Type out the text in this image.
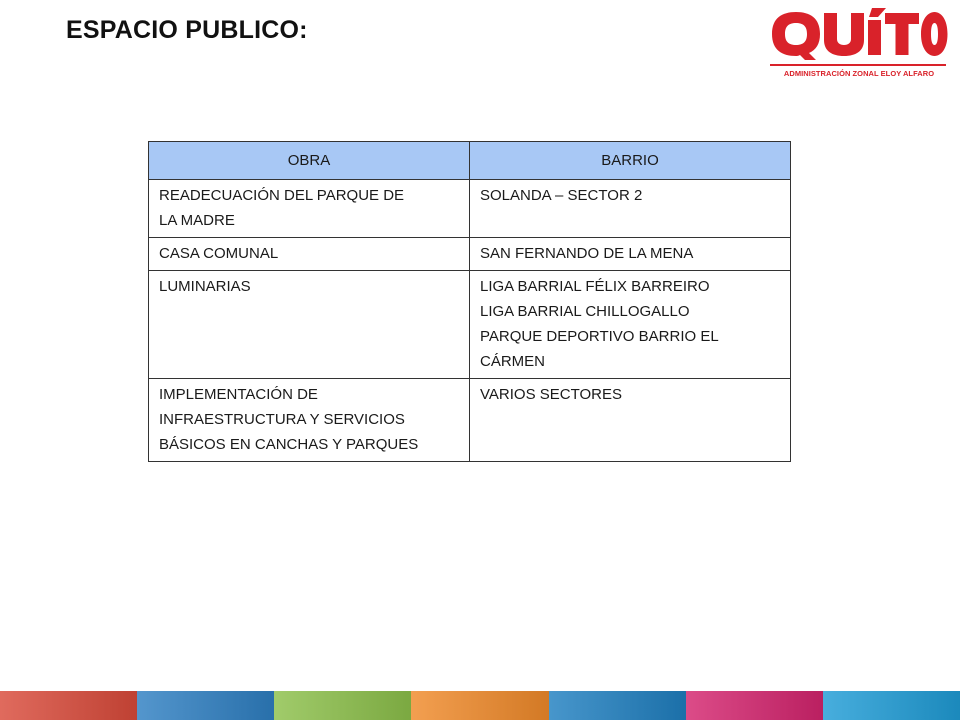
ESPACIO PUBLICO:
ADMINISTRACIÓN ZONAL ELOY ALFARO
OBRA	BARRIO

READECUACIÓN DEL PARQUE DE
LA MADRE	SOLANDA – SECTOR 2

CASA COMUNAL	SAN FERNANDO DE LA MENA

LUMINARIAS	LIGA BARRIAL FÉLIX BARREIRO
LIGA BARRIAL CHILLOGALLO
PARQUE DEPORTIVO BARRIO EL
CÁRMEN

IMPLEMENTACIÓN DE
INFRAESTRUCTURA Y SERVICIOS
BÁSICOS EN CANCHAS Y PARQUES	VARIOS SECTORES
